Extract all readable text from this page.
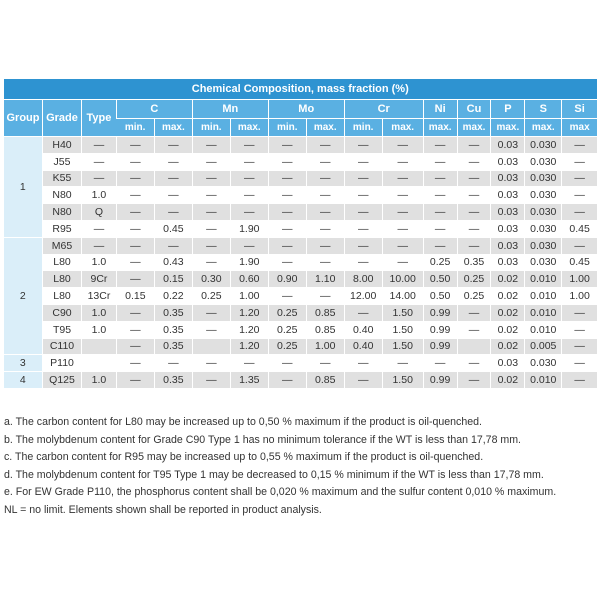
Chemical Composition, mass fraction (%)															
Group	Grade	Type	C		Mn		Mo		Cr		Ni	Cu	P	S	Si
			min.	max.	min.	max.	min.	max.	min.	max.	max.	max.	max.	max.	max
1	H40	—	—	—	—	—	—	—	—	—	—	—	0.03	0.030	—
	J55	—	—	—	—	—	—	—	—	—	—	—	0.03	0.030	—
	K55	—	—	—	—	—	—	—	—	—	—	—	0.03	0.030	—
	N80	1.0	—	—	—	—	—	—	—	—	—	—	0.03	0.030	—
	N80	Q	—	—	—	—	—	—	—	—	—	—	0.03	0.030	—
	R95	—	—	0.45	—	1.90	—	—	—	—	—	—	0.03	0.030	0.45
2	M65	—	—	—	—	—	—	—	—	—	—	—	0.03	0.030	—
	L80	1.0	—	0.43	—	1.90	—	—	—	—	0.25	0.35	0.03	0.030	0.45
	L80	9Cr	—	0.15	0.30	0.60	0.90	1.10	8.00	10.00	0.50	0.25	0.02	0.010	1.00
	L80	13Cr	0.15	0.22	0.25	1.00	—	—	12.00	14.00	0.50	0.25	0.02	0.010	1.00
	C90	1.0	—	0.35	—	1.20	0.25	0.85	—	1.50	0.99	—	0.02	0.010	—
	T95	1.0	—	0.35	—	1.20	0.25	0.85	0.40	1.50	0.99	—	0.02	0.010	—
	C110		—	0.35		1.20	0.25	1.00	0.40	1.50	0.99		0.02	0.005	—
3	P110		—	—	—	—	—	—	—	—	—	—	0.03	0.030	—
4	Q125	1.0	—	0.35	—	1.35	—	0.85	—	1.50	0.99	—	0.02	0.010	—
a. The carbon content for L80 may be increased up to 0,50 % maximum if the product is oil-quenched.
b. The molybdenum content for Grade C90 Type 1 has no minimum tolerance if the WT is less than 17,78 mm.
c. The carbon content for R95 may be increased up to 0,55 % maximum if the product is oil-quenched.
d. The molybdenum content for T95 Type 1 may be decreased to 0,15 % minimum if the WT is less than 17,78 mm.
e. For EW Grade P110, the phosphorus content shall be 0,020 % maximum and the sulfur content 0,010 % maximum.
NL = no limit. Elements shown shall be reported in product analysis.
